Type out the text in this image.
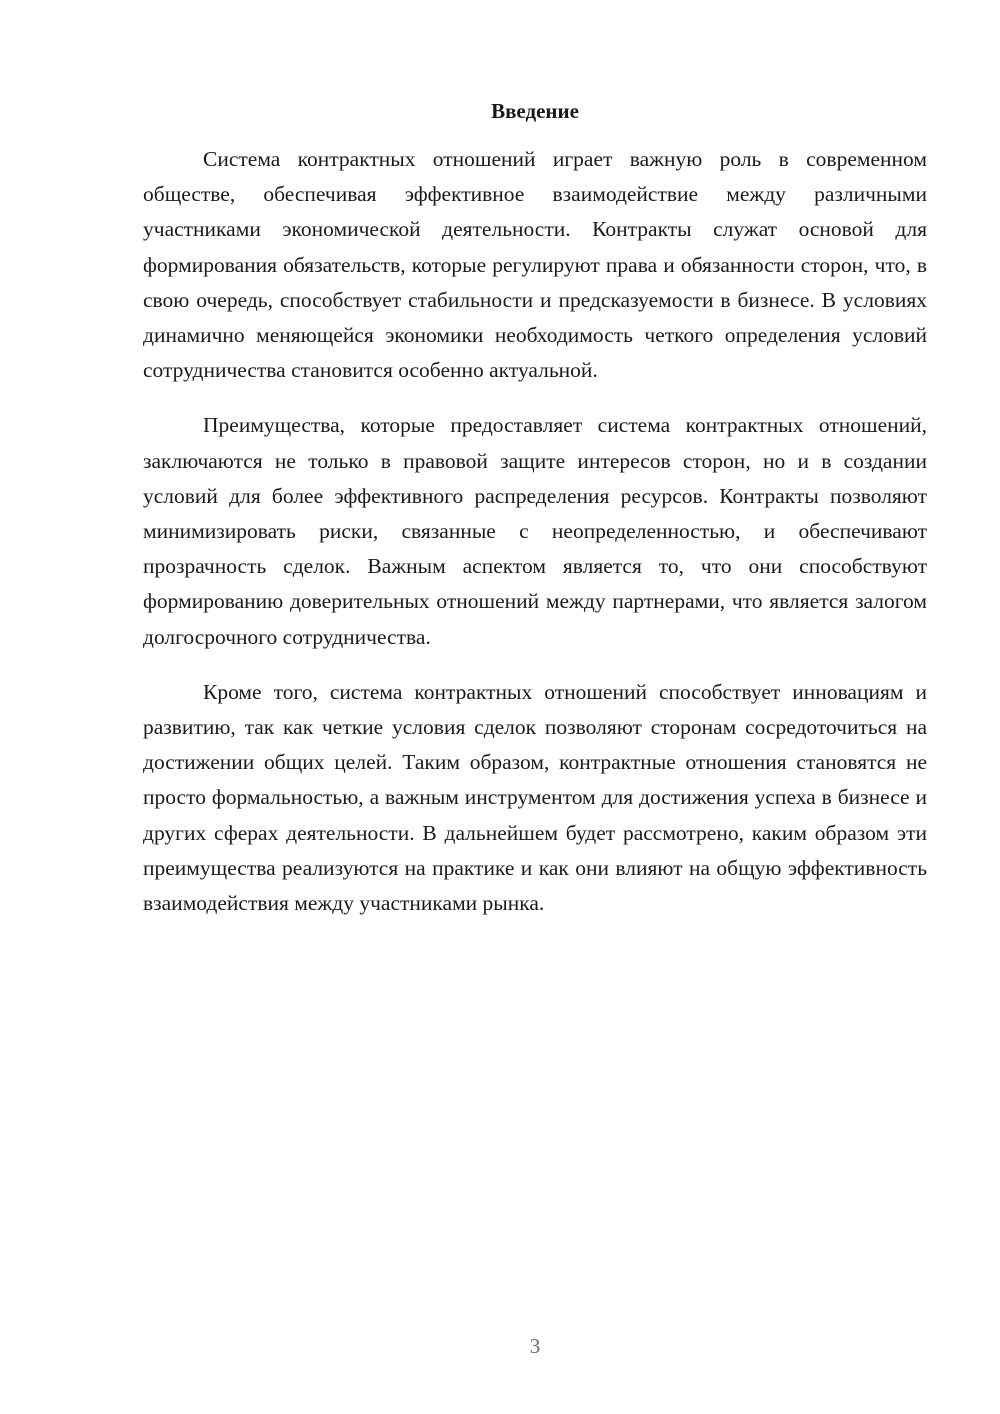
Введение

Система контрактных отношений играет важную роль в современном обществе, обеспечивая эффективное взаимодействие между различными участниками экономической деятельности. Контракты служат основой для формирования обязательств, которые регулируют права и обязанности сторон, что, в свою очередь, способствует стабильности и предсказуемости в бизнесе. В условиях динамично меняющейся экономики необходимость четкого определения условий сотрудничества становится особенно актуальной.

Преимущества, которые предоставляет система контрактных отношений, заключаются не только в правовой защите интересов сторон, но и в создании условий для более эффективного распределения ресурсов. Контракты позволяют минимизировать риски, связанные с неопределенностью, и обеспечивают прозрачность сделок. Важным аспектом является то, что они способствуют формированию доверительных отношений между партнерами, что является залогом долгосрочного сотрудничества.

Кроме того, система контрактных отношений способствует инновациям и развитию, так как четкие условия сделок позволяют сторонам сосредоточиться на достижении общих целей. Таким образом, контрактные отношения становятся не просто формальностью, а важным инструментом для достижения успеха в бизнесе и других сферах деятельности. В дальнейшем будет рассмотрено, каким образом эти преимущества реализуются на практике и как они влияют на общую эффективность взаимодействия между участниками рынка.

3
